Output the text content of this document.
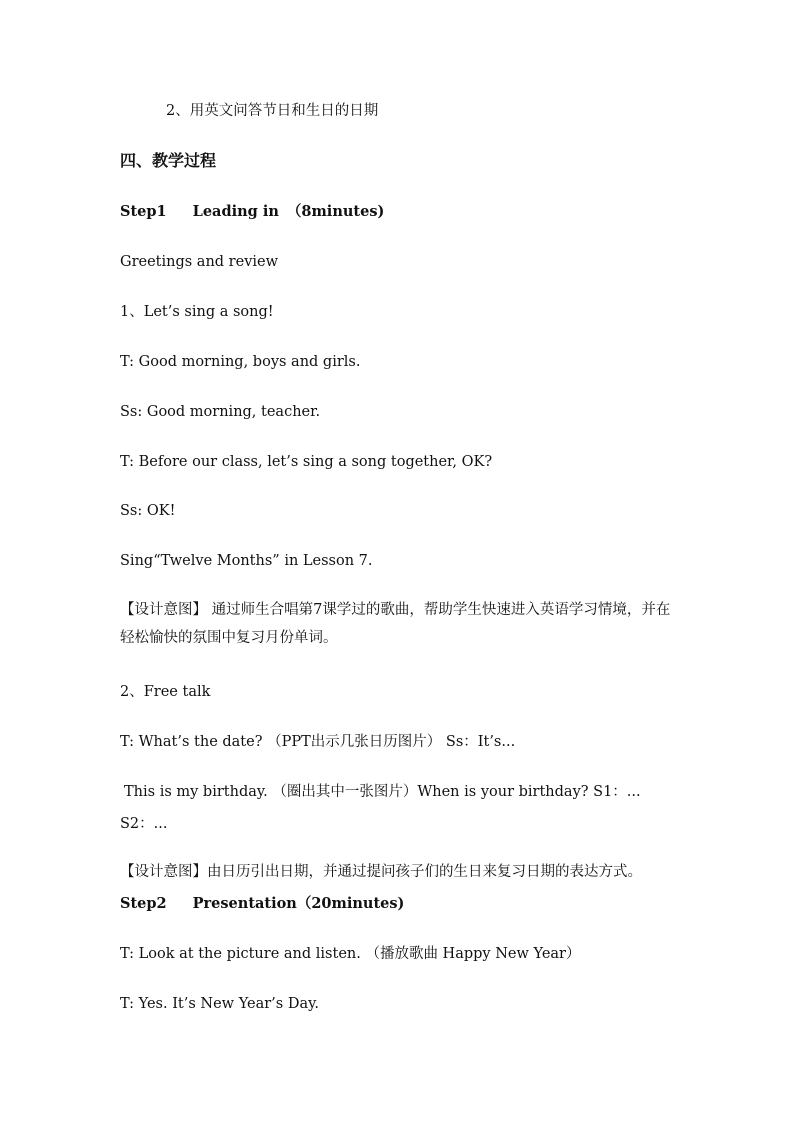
2、用英文问答节日和生日的日期
四、教学过程
Step1 Leading in （8minutes)
Greetings and review
1、Let’s sing a song!
T: Good morning, boys and girls.
Ss: Good morning, teacher.
T: Before our class, let’s sing a song together, OK?
Ss: OK!
Sing“Twelve Months” in Lesson 7.
【设计意图】 通过师生合唱第7课学过的歌曲，帮助学生快速进入英语学习情境，并在轻松愉快的氛围中复习月份单词。
2、Free talk
T: What’s the date? （PPT出示几张日历图片） Ss：It’s...
This is my birthday. （圈出其中一张图片）When is your birthday? S1：...
S2：...
【设计意图】由日历引出日期，并通过提问孩子们的生日来复习日期的表达方式。
Step2 Presentation（20minutes)
T: Look at the picture and listen. （播放歌曲 Happy New Year）
T: Yes. It’s New Year’s Day.
